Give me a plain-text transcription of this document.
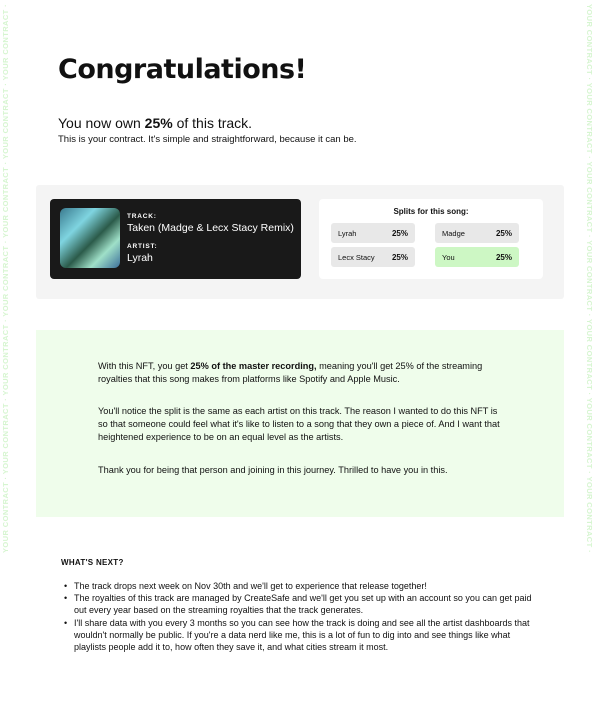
YOUR CONTRACT · YOUR CONTRACT · YOUR CONTRACT · YOUR CONTRACT · YOUR CONTRACT · YOUR CONTRACT · YOUR CONTRACT ·	YOUR CONTRACT · YOUR CONTRACT · YOUR CONTRACT · YOUR CONTRACT · YOUR CONTRACT · YOUR CONTRACT · YOUR CONTRACT ·
Congratulations!
You now own 25% of this track.
This is your contract. It's simple and straightforward, because it can be.
TRACK:
Taken (Madge & Lecx Stacy Remix)
ARTIST:
Lyrah
Splits for this song:
Lyrah	25%	Madge	25%
Lecx Stacy 25%	You	25%

With this NFT, you get 25% of the master recording, meaning you'll get 25% of the streaming royalties that this song makes from platforms like Spotify and Apple Music.

You'll notice the split is the same as each artist on this track. The reason I wanted to do this NFT is so that someone could feel what it's like to listen to a song that they own a piece of. And I want that heightened experience to be on an equal level as the artists.

Thank you for being that person and joining in this journey. Thrilled to have you in this.

WHAT'S NEXT?
• The track drops next week on Nov 30th and we'll get to experience that release together!
• The royalties of this track are managed by CreateSafe and we'll get you set up with an account so you can get paid out every year based on the streaming royalties that the track generates.
• I'll share data with you every 3 months so you can see how the track is doing and see all the artist dashboards that wouldn't normally be public. If you're a data nerd like me, this is a lot of fun to dig into and see things like what playlists people add it to, how often they save it, and what cities stream it most.
